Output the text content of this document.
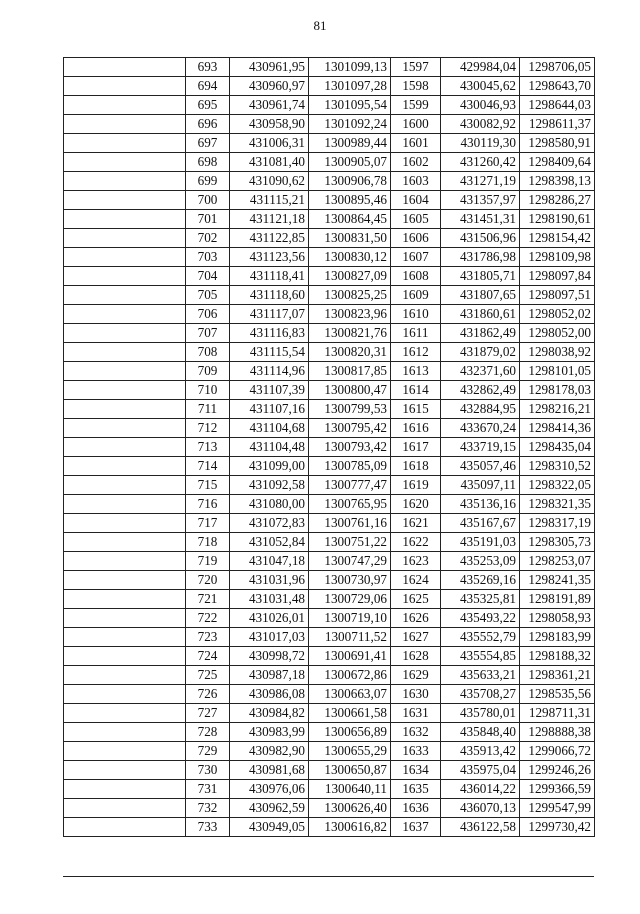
81
	693	430961,95	1301099,13	1597	429984,04	1298706,05
	694	430960,97	1301097,28	1598	430045,62	1298643,70
	695	430961,74	1301095,54	1599	430046,93	1298644,03
	696	430958,90	1301092,24	1600	430082,92	1298611,37
	697	431006,31	1300989,44	1601	430119,30	1298580,91
	698	431081,40	1300905,07	1602	431260,42	1298409,64
	699	431090,62	1300906,78	1603	431271,19	1298398,13
	700	431115,21	1300895,46	1604	431357,97	1298286,27
	701	431121,18	1300864,45	1605	431451,31	1298190,61
	702	431122,85	1300831,50	1606	431506,96	1298154,42
	703	431123,56	1300830,12	1607	431786,98	1298109,98
	704	431118,41	1300827,09	1608	431805,71	1298097,84
	705	431118,60	1300825,25	1609	431807,65	1298097,51
	706	431117,07	1300823,96	1610	431860,61	1298052,02
	707	431116,83	1300821,76	1611	431862,49	1298052,00
	708	431115,54	1300820,31	1612	431879,02	1298038,92
	709	431114,96	1300817,85	1613	432371,60	1298101,05
	710	431107,39	1300800,47	1614	432862,49	1298178,03
	711	431107,16	1300799,53	1615	432884,95	1298216,21
	712	431104,68	1300795,42	1616	433670,24	1298414,36
	713	431104,48	1300793,42	1617	433719,15	1298435,04
	714	431099,00	1300785,09	1618	435057,46	1298310,52
	715	431092,58	1300777,47	1619	435097,11	1298322,05
	716	431080,00	1300765,95	1620	435136,16	1298321,35
	717	431072,83	1300761,16	1621	435167,67	1298317,19
	718	431052,84	1300751,22	1622	435191,03	1298305,73
	719	431047,18	1300747,29	1623	435253,09	1298253,07
	720	431031,96	1300730,97	1624	435269,16	1298241,35
	721	431031,48	1300729,06	1625	435325,81	1298191,89
	722	431026,01	1300719,10	1626	435493,22	1298058,93
	723	431017,03	1300711,52	1627	435552,79	1298183,99
	724	430998,72	1300691,41	1628	435554,85	1298188,32
	725	430987,18	1300672,86	1629	435633,21	1298361,21
	726	430986,08	1300663,07	1630	435708,27	1298535,56
	727	430984,82	1300661,58	1631	435780,01	1298711,31
	728	430983,99	1300656,89	1632	435848,40	1298888,38
	729	430982,90	1300655,29	1633	435913,42	1299066,72
	730	430981,68	1300650,87	1634	435975,04	1299246,26
	731	430976,06	1300640,11	1635	436014,22	1299366,59
	732	430962,59	1300626,40	1636	436070,13	1299547,99
	733	430949,05	1300616,82	1637	436122,58	1299730,42
